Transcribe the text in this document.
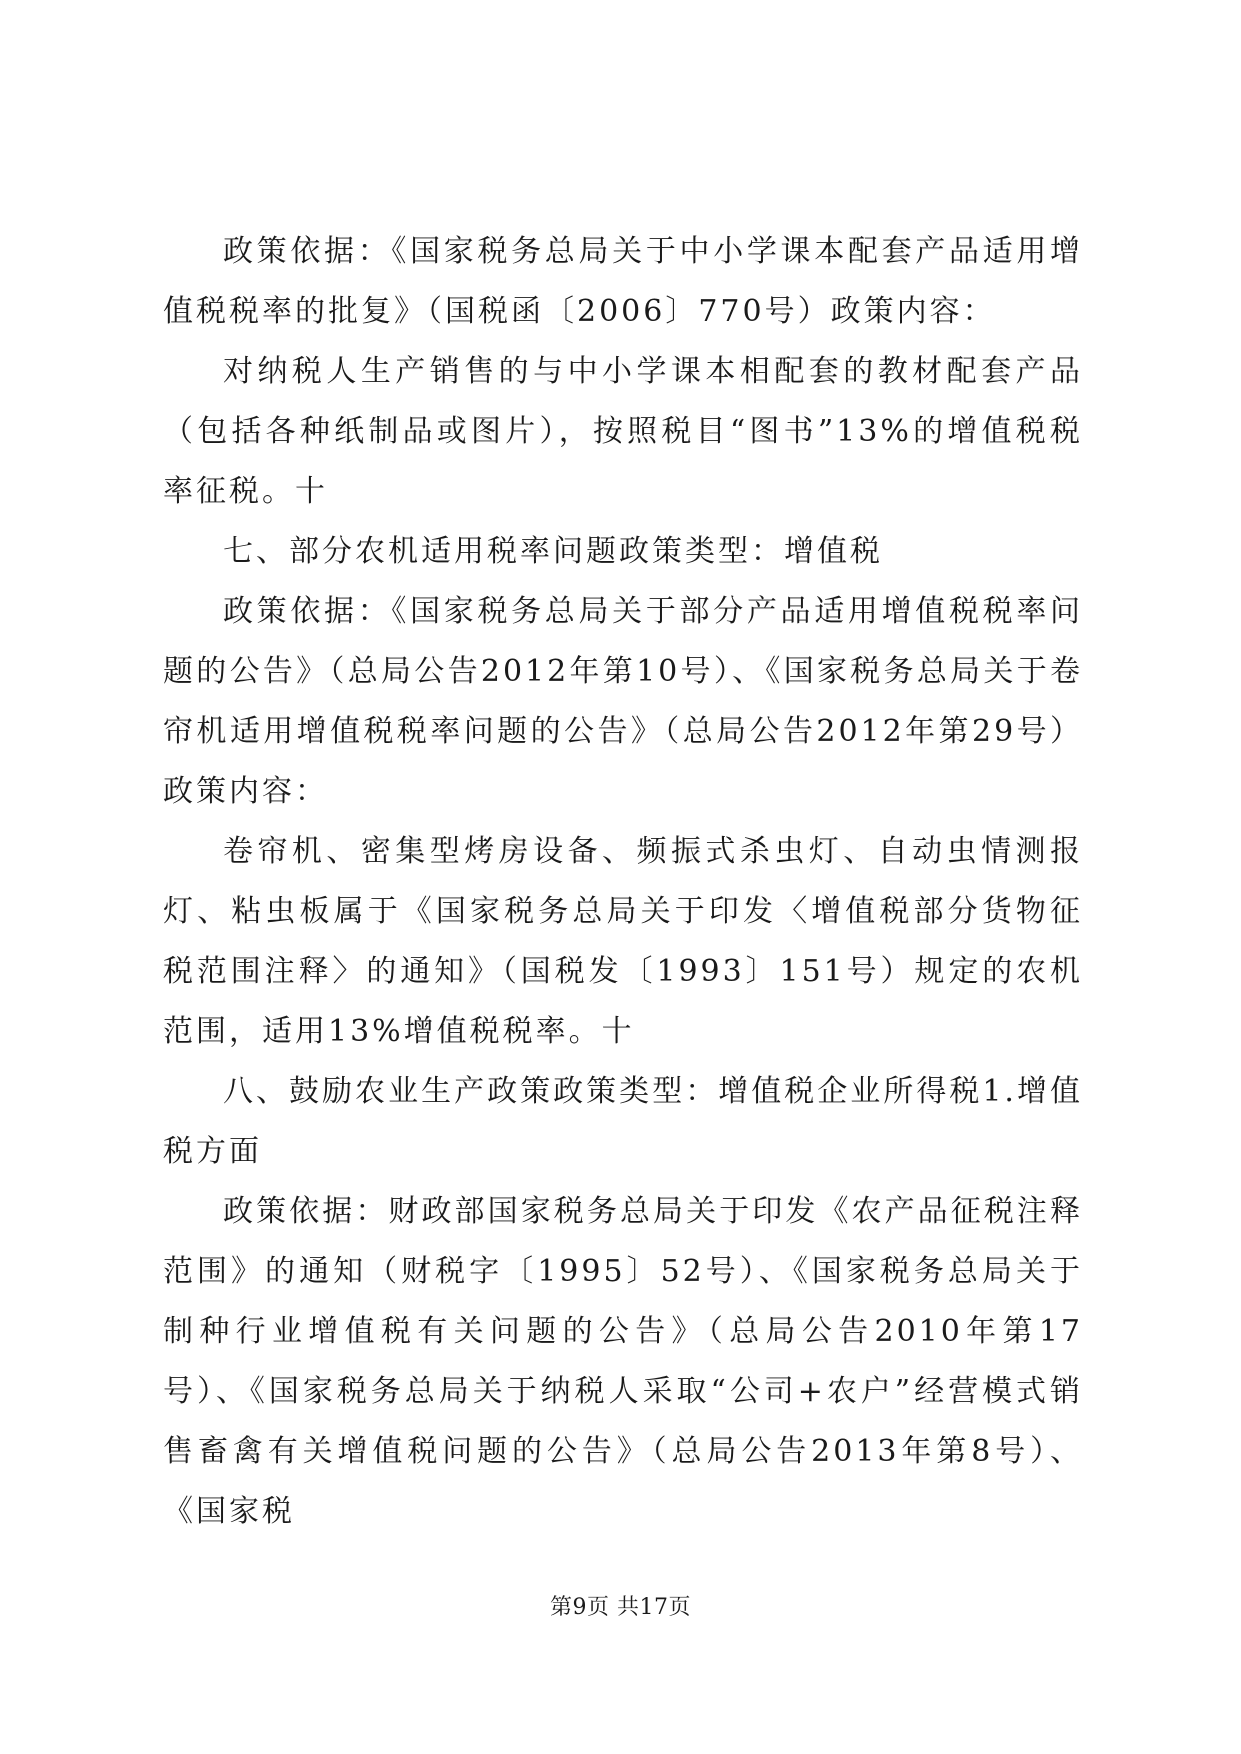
政策依据：《国家税务总局关于中小学课本配套产品适用增值税税率的批复》（国税函〔2006〕770号）政策内容：

对纳税人生产销售的与中小学课本相配套的教材配套产品（包括各种纸制品或图片），按照税目“图书”13%的增值税税率征税。十

七、部分农机适用税率问题政策类型：增值税

政策依据：《国家税务总局关于部分产品适用增值税税率问题的公告》（总局公告2012年第10号）、《国家税务总局关于卷帘机适用增值税税率问题的公告》（总局公告2012年第29号）政策内容：

卷帘机、密集型烤房设备、频振式杀虫灯、自动虫情测报灯、粘虫板属于《国家税务总局关于印发〈增值税部分货物征税范围注释〉的通知》（国税发〔1993〕151号）规定的农机范围，适用13%增值税税率。十

八、鼓励农业生产政策政策类型：增值税企业所得税1.增值税方面

政策依据：财政部国家税务总局关于印发《农产品征税注释范围》的通知（财税字〔1995〕52号）、《国家税务总局关于制种行业增值税有关问题的公告》（总局公告2010年第17号）、《国家税务总局关于纳税人采取“公司+农户”经营模式销售畜禽有关增值税问题的公告》（总局公告2013年第8号）、《国家税

第9页 共17页
